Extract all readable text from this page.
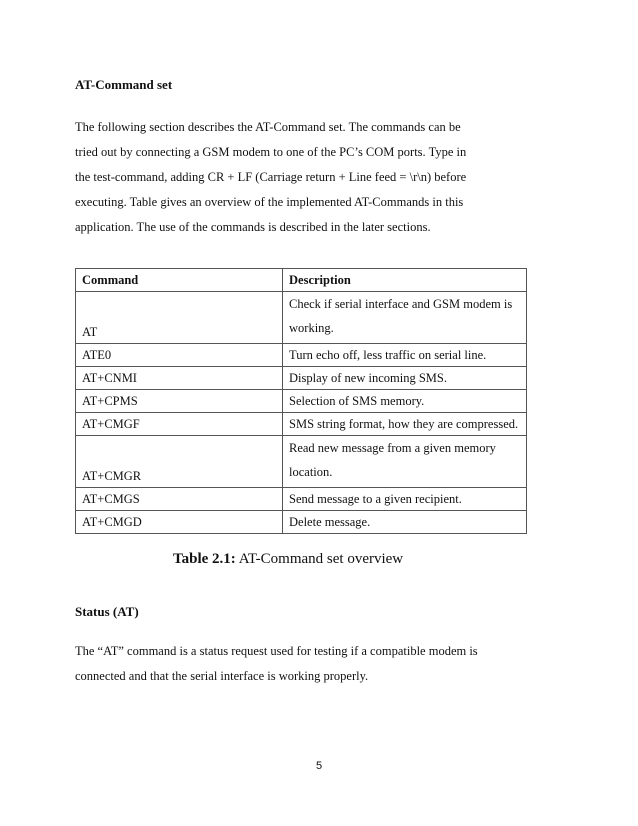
AT-Command set

The following section describes the AT-Command set. The commands can be
tried out by connecting a GSM modem to one of the PC’s COM ports. Type in
the test-command, adding CR + LF (Carriage return + Line feed = \r\n) before
executing. Table gives an overview of the implemented AT-Commands in this
application. The use of the commands is described in the later sections.
Command	Description
AT	Check if serial interface and GSM modem is
working.

ATE0	Turn echo off, less traffic on serial line.
AT+CNMI	Display of new incoming SMS.
AT+CPMS	Selection of SMS memory.
AT+CMGF	SMS string format, how they are compressed.
AT+CMGR	Read new message from a given memory
location.

AT+CMGS	Send message to a given recipient.
AT+CMGD	Delete message.

Table 2.1: AT-Command set overview

Status (AT)

The “AT” command is a status request used for testing if a compatible modem is
connected and that the serial interface is working properly.
5
